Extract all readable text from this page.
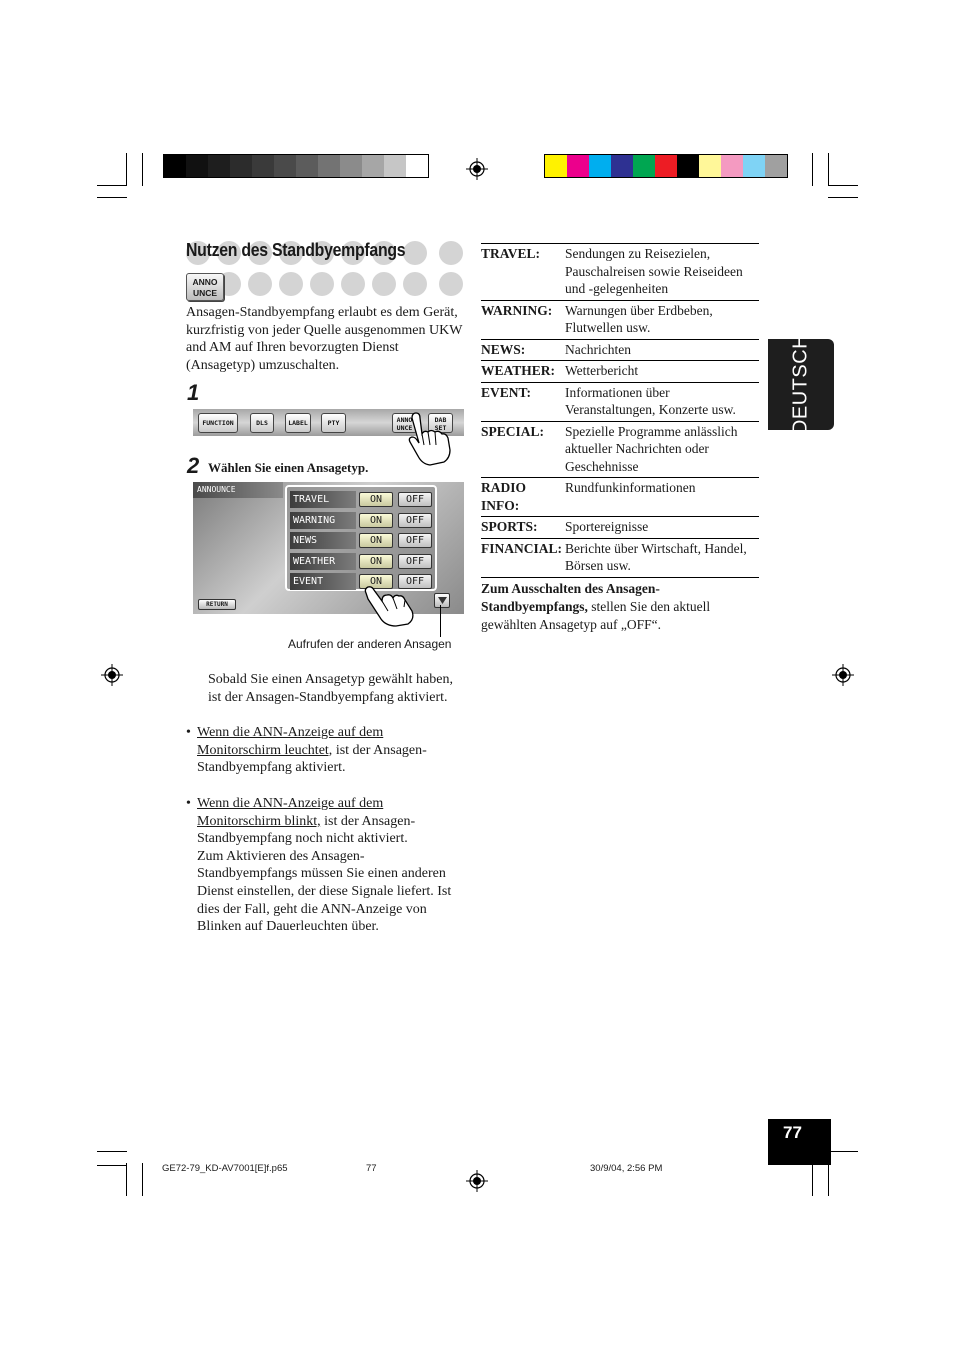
Nutzen des Standbyempfangs
ANNO
UNCE
Ansagen-Standbyempfang erlaubt es dem Gerät, kurzfristig von jeder Quelle ausgenommen UKW and AM auf Ihren bevorzugten Dienst (Ansagetyp) umzuschalten.
1
FUNCTION	DLS	LABEL	PTY	ANNO
UNCE
DAB
SET
2 Wählen Sie einen Ansagetyp.
ANNOUNCE
TRAVEL	ON	OFF
WARNING	ON	OFF
NEWS	ON	OFF
WEATHER	ON	OFF
EVENT	ON	OFF
RETURN
Aufrufen der anderen Ansagen
Sobald Sie einen Ansagetyp gewählt haben, ist der Ansagen-Standbyempfang aktiviert.
• Wenn die ANN-Anzeige auf dem Monitorschirm leuchtet, ist der Ansagen-Standbyempfang aktiviert.
• Wenn die ANN-Anzeige auf dem Monitorschirm blinkt, ist der Ansagen-Standbyempfang noch nicht aktiviert.
Zum Aktivieren des Ansagen-Standbyempfangs müssen Sie einen anderen Dienst einstellen, der diese Signale liefert. Ist dies der Fall, geht die ANN-Anzeige von Blinken auf Dauerleuchten über.
TRAVEL:	Sendungen zu Reisezielen, Pauschalreisen sowie Reiseideen und -gelegenheiten
WARNING: Warnungen über Erdbeben, Flutwellen usw.
NEWS:	Nachrichten
WEATHER: Wetterbericht
EVENT:	Informationen über Veranstaltungen, Konzerte usw.
SPECIAL:	Spezielle Programme anlässlich aktueller Nachrichten oder Geschehnisse
RADIO INFO:
Rundfunkinformationen
SPORTS:	Sportereignisse
FINANCIAL: Berichte über Wirtschaft, Handel, Börsen usw.
Zum Ausschalten des Ansagen-Standbyempfangs, stellen Sie den aktuell gewählten Ansagetyp auf „OFF“.
DEUTSCH
77
GE72-79_KD-AV7001[E]f.p65	77	30/9/04, 2:56 PM
